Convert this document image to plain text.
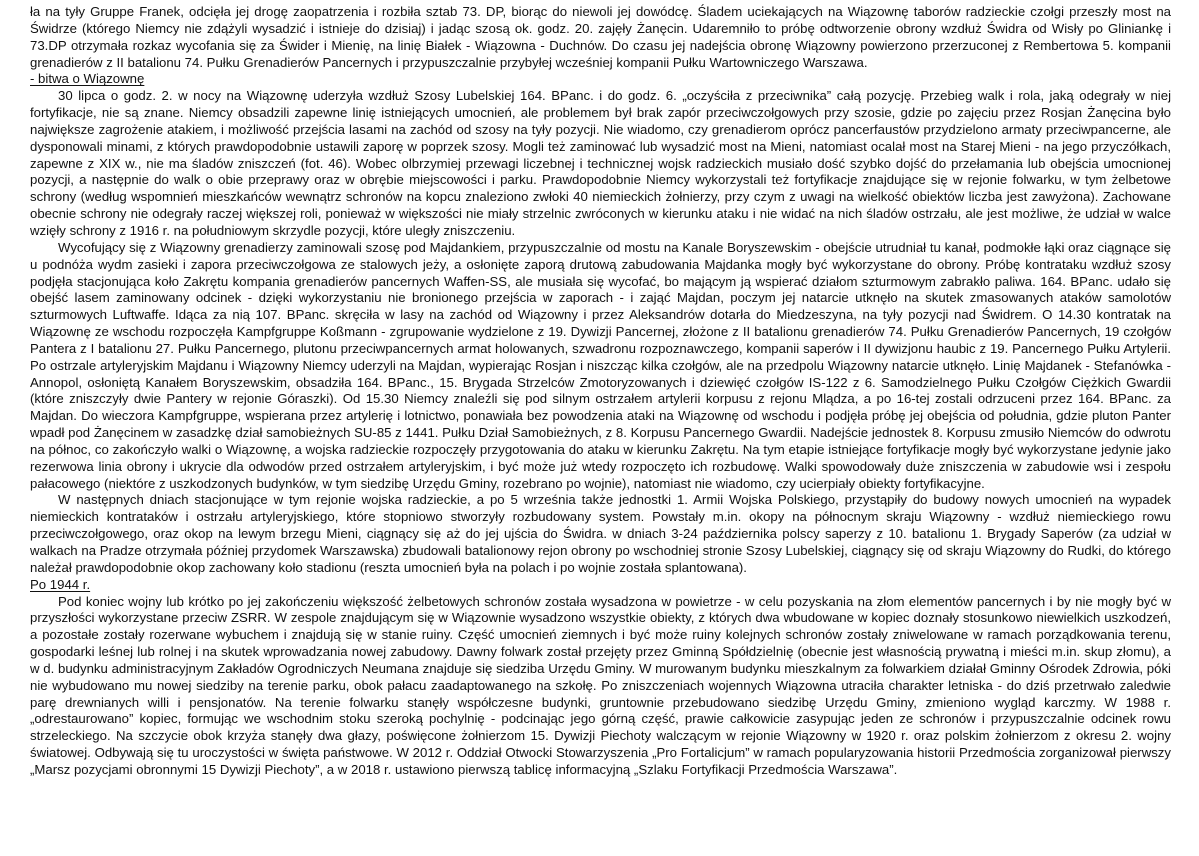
ła na tyły Gruppe Franek, odcięła jej drogę zaopatrzenia i rozbiła sztab 73. DP, biorąc do niewoli jej dowódcę. Śladem uciekających na Wiązownę taborów radzieckie czołgi przeszły most na Świdrze (którego Niemcy nie zdążyli wysadzić i istnieje do dzisiaj) i jadąc szosą ok. godz. 20. zajęły Żanęcin. Udaremniło to próbę odtworzenie obrony wzdłuż Świdra od Wisły po Gliniankę i 73.DP otrzymała rozkaz wycofania się za Świder i Mienię, na linię Białek - Wiązowna - Duchnów. Do czasu jej nadejścia obronę Wiązowny powierzono przerzuconej z Rembertowa 5. kompanii grenadierów z II batalionu 74. Pułku Grenadierów Pancernych i przypuszczalnie przybyłej wcześniej kompanii Pułku Wartowniczego Warszawa.

- bitwa o Wiązownę

30 lipca o godz. 2. w nocy na Wiązownę uderzyła wzdłuż Szosy Lubelskiej 164. BPanc. i do godz. 6. „oczyściła z przeciwnika” całą pozycję. Przebieg walk i rola, jaką odegrały w niej fortyfikacje, nie są znane. Niemcy obsadzili zapewne linię istniejących umocnień, ale problemem był brak zapór przeciwczołgowych przy szosie, gdzie po zajęciu przez Rosjan Żanęcina było największe zagrożenie atakiem, i możliwość przejścia lasami na zachód od szosy na tyły pozycji. Nie wiadomo, czy grenadierom oprócz pancerfaustów przydzielono armaty przeciwpancerne, ale dysponowali minami, z których prawdopodobnie ustawili zaporę w poprzek szosy. Mogli też zaminować lub wysadzić most na Mieni, natomiast ocalał most na Starej Mieni - na jego przyczółkach, zapewne z XIX w., nie ma śladów zniszczeń (fot. 46). Wobec olbrzymiej przewagi liczebnej i technicznej wojsk radzieckich musiało dość szybko dojść do przełamania lub obejścia umocnionej pozycji, a następnie do walk o obie przeprawy oraz w obrębie miejscowości i parku. Prawdopodobnie Niemcy wykorzystali też fortyfikacje znajdujące się w rejonie folwarku, w tym żelbetowe schrony (według wspomnień mieszkańców wewnątrz schronów na kopcu znaleziono zwłoki 40 niemieckich żołnierzy, przy czym z uwagi na wielkość obiektów liczba jest zawyżona). Zachowane obecnie schrony nie odegrały raczej większej roli, ponieważ w większości nie miały strzelnic zwróconych w kierunku ataku i nie widać na nich śladów ostrzału, ale jest możliwe, że udział w walce wzięły schrony z 1916 r. na południowym skrzydle pozycji, które uległy zniszczeniu.

Wycofujący się z Wiązowny grenadierzy zaminowali szosę pod Majdankiem, przypuszczalnie od mostu na Kanale Boryszewskim - obejście utrudniał tu kanał, podmokłe łąki oraz ciągnące się u podnóża wydm zasieki i zapora przeciwczołgowa ze stalowych jeży, a osłonięte zaporą drutową zabudowania Majdanka mogły być wykorzystane do obrony. Próbę kontrataku wzdłuż szosy podjęła stacjonująca koło Zakrętu kompania grenadierów pancernych Waffen-SS, ale musiała się wycofać, bo mającym ją wspierać działom szturmowym zabrakło paliwa. 164. BPanc. udało się obejść lasem zaminowany odcinek - dzięki wykorzystaniu nie bronionego przejścia w zaporach - i zająć Majdan, poczym jej natarcie utknęło na skutek zmasowanych ataków samolotów szturmowych Luftwaffe. Idąca za nią 107. BPanc. skręciła w lasy na zachód od Wiązowny i przez Aleksandrów dotarła do Miedzeszyna, na tyły pozycji nad Świdrem. O 14.30 kontratak na Wiązownę ze wschodu rozpoczęła Kampfgruppe Koßmann - zgrupowanie wydzielone z 19. Dywizji Pancernej, złożone z II batalionu grenadierów 74. Pułku Grenadierów Pancernych, 19 czołgów Pantera z I batalionu 27. Pułku Pancernego, plutonu przeciwpancernych armat holowanych, szwadronu rozpoznawczego, kompanii saperów i II dywizjonu haubic z 19. Pancernego Pułku Artylerii. Po ostrzale artyleryjskim Majdanu i Wiązowny Niemcy uderzyli na Majdan, wypierając Rosjan i niszcząc kilka czołgów, ale na przedpolu Wiązowny natarcie utknęło. Linię Majdanek - Stefanówka - Annopol, osłoniętą Kanałem Boryszewskim, obsadziła 164. BPanc., 15. Brygada Strzelców Zmotoryzowanych i dziewięć czołgów IS-122 z 6. Samodzielnego Pułku Czołgów Ciężkich Gwardii (które zniszczyły dwie Pantery w rejonie Góraszki). Od 15.30 Niemcy znaleźli się pod silnym ostrzałem artylerii korpusu z rejonu Mlądza, a po 16-tej zostali odrzuceni przez 164. BPanc. za Majdan. Do wieczora Kampfgruppe, wspierana przez artylerię i lotnictwo, ponawiała bez powodzenia ataki na Wiązownę od wschodu i podjęła próbę jej obejścia od południa, gdzie pluton Panter wpadł pod Żanęcinem w zasadzkę dział samobieżnych SU-85 z 1441. Pułku Dział Samobieżnych, z 8. Korpusu Pancernego Gwardii. Nadejście jednostek 8. Korpusu zmusiło Niemców do odwrotu na północ, co zakończyło walki o Wiązownę, a wojska radzieckie rozpoczęły przygotowania do ataku w kierunku Zakrętu. Na tym etapie istniejące fortyfikacje mogły być wykorzystane jedynie jako rezerwowa linia obrony i ukrycie dla odwodów przed ostrzałem artyleryjskim, i być może już wtedy rozpoczęto ich rozbudowę. Walki spowodowały duże zniszczenia w zabudowie wsi i zespołu pałacowego (niektóre z uszkodzonych budynków, w tym siedzibę Urzędu Gminy, rozebrano po wojnie), natomiast nie wiadomo, czy ucierpiały obiekty fortyfikacyjne.

W następnych dniach stacjonujące w tym rejonie wojska radzieckie, a po 5 września także jednostki 1. Armii Wojska Polskiego, przystąpiły do budowy nowych umocnień na wypadek niemieckich kontrataków i ostrzału artyleryjskiego, które stopniowo stworzyły rozbudowany system. Powstały m.in. okopy na północnym skraju Wiązowny - wzdłuż niemieckiego rowu przeciwczołgowego, oraz okop na lewym brzegu Mieni, ciągnący się aż do jej ujścia do Świdra. w dniach 3-24 października polscy saperzy z 10. batalionu 1. Brygady Saperów (za udział w walkach na Pradze otrzymała później przydomek Warszawska) zbudowali batalionowy rejon obrony po wschodniej stronie Szosy Lubelskiej, ciągnący się od skraju Wiązowny do Rudki, do którego należał prawdopodobnie okop zachowany koło stadionu (reszta umocnień była na polach i po wojnie została splantowana).

Po 1944 r.

Pod koniec wojny lub krótko po jej zakończeniu większość żelbetowych schronów została wysadzona w powietrze - w celu pozyskania na złom elementów pancernych i by nie mogły być w przyszłości wykorzystane przeciw ZSRR. W zespole znajdującym się w Wiązownie wysadzono wszystkie obiekty, z których dwa wbudowane w kopiec doznały stosunkowo niewielkich uszkodzeń, a pozostałe zostały rozerwane wybuchem i znajdują się w stanie ruiny. Część umocnień ziemnych i być może ruiny kolejnych schronów zostały zniwelowane w ramach porządkowania terenu, gospodarki leśnej lub rolnej i na skutek wprowadzania nowej zabudowy. Dawny folwark został przejęty przez Gminną Spółdzielnię (obecnie jest własnością prywatną i mieści m.in. skup złomu), a w d. budynku administracyjnym Zakładów Ogrodniczych Neumana znajduje się siedziba Urzędu Gminy. W murowanym budynku mieszkalnym za folwarkiem działał Gminny Ośrodek Zdrowia, póki nie wybudowano mu nowej siedziby na terenie parku, obok pałacu zaadaptowanego na szkołę. Po zniszczeniach wojennych Wiązowna utraciła charakter letniska - do dziś przetrwało zaledwie parę drewnianych willi i pensjonatów. Na terenie folwarku stanęły współczesne budynki, gruntownie przebudowano siedzibę Urzędu Gminy, zmieniono wygląd karczmy. W 1988 r. „odrestaurowano” kopiec, formując we wschodnim stoku szeroką pochylnię - podcinając jego górną część, prawie całkowicie zasypując jeden ze schronów i przypuszczalnie odcinek rowu strzeleckiego. Na szczycie obok krzyża stanęły dwa głazy, poświęcone żołnierzom 15. Dywizji Piechoty walczącym w rejonie Wiązowny w 1920 r. oraz polskim żołnierzom z okresu 2. wojny światowej. Odbywają się tu uroczystości w święta państwowe. W 2012 r. Oddział Otwocki Stowarzyszenia „Pro Fortalicjum” w ramach popularyzowania historii Przedmościa zorganizował pierwszy „Marsz pozycjami obronnymi 15 Dywizji Piechoty”, a w 2018 r. ustawiono pierwszą tablicę informacyjną „Szlaku Fortyfikacji Przedmościa Warszawa”.
